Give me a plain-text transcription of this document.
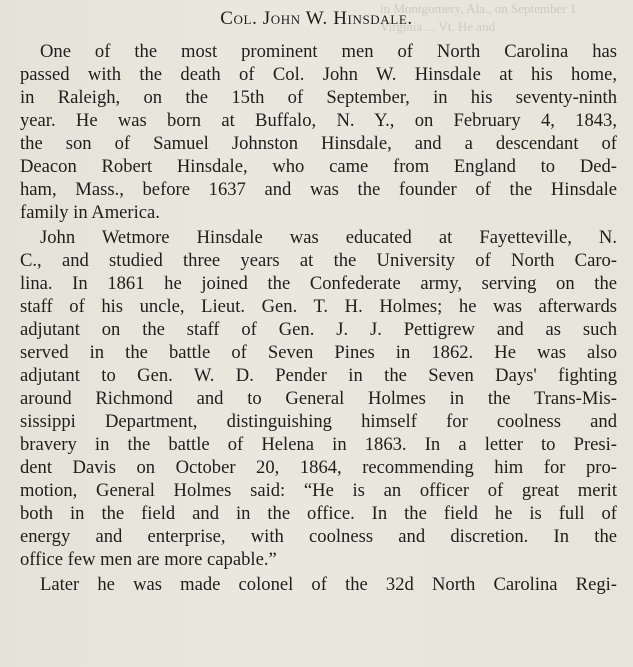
in Montgomery, Ala., on September 1
Virginia ... Vt. He and
Col. John W. Hinsdale.
One of the most prominent men of North Carolina has
passed with the death of Col. John W. Hinsdale at his home,
in Raleigh, on the 15th of September, in his seventy-ninth
year. He was born at Buffalo, N. Y., on February 4, 1843,
the son of Samuel Johnston Hinsdale, and a descendant of
Deacon Robert Hinsdale, who came from England to Ded-
ham, Mass., before 1637 and was the founder of the Hinsdale
family in America.
John Wetmore Hinsdale was educated at Fayetteville, N.
C., and studied three years at the University of North Caro-
lina. In 1861 he joined the Confederate army, serving on the
staff of his uncle, Lieut. Gen. T. H. Holmes; he was afterwards
adjutant on the staff of Gen. J. J. Pettigrew and as such
served in the battle of Seven Pines in 1862. He was also
adjutant to Gen. W. D. Pender in the Seven Days' fighting
around Richmond and to General Holmes in the Trans-Mis-
sissippi Department, distinguishing himself for coolness and
bravery in the battle of Helena in 1863. In a letter to Presi-
dent Davis on October 20, 1864, recommending him for pro-
motion, General Holmes said: “He is an officer of great merit
both in the field and in the office. In the field he is full of
energy and enterprise, with coolness and discretion. In the
office few men are more capable.”
Later he was made colonel of the 32d North Carolina Regi-
